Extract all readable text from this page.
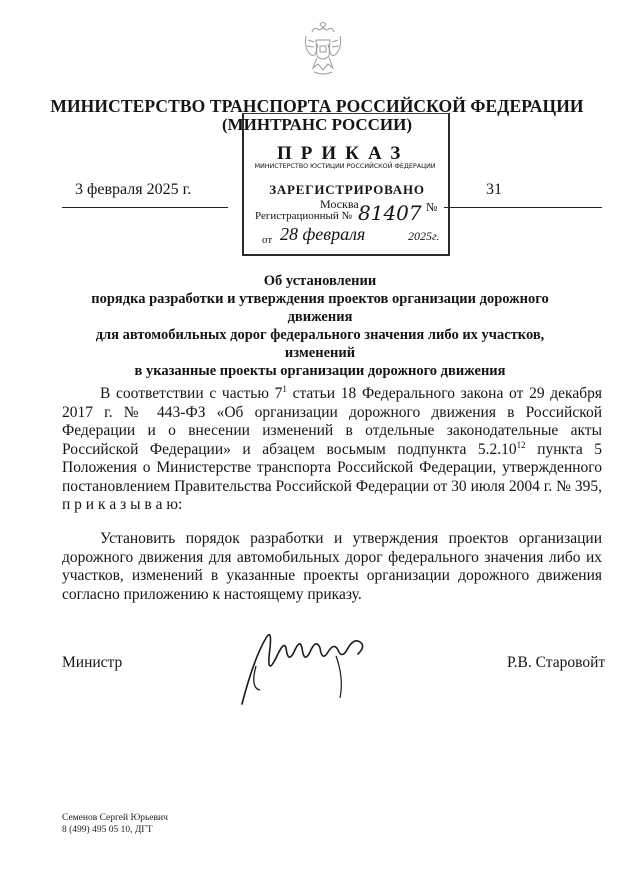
МИНИСТЕРСТВО ТРАНСПОРТА РОССИЙСКОЙ ФЕДЕРАЦИИ
(МИНТРАНС РОССИИ)
ПРИКАЗ
МИНИСТЕРСТВО ЮСТИЦИИ РОССИЙСКОЙ ФЕДЕРАЦИИ
ЗАРЕГИСТРИРОВАНО
Москва
Регистрационный № 81407 №
от 28 февраля	2025г.
3 февраля 2025 г.	31
Об установлении
порядка разработки и утверждения проектов организации дорожного движения
для автомобильных дорог федерального значения либо их участков, изменений
в указанные проекты организации дорожного движения
В соответствии с частью $7^1$ статьи 18 Федерального закона от 29 декабря 2017 г. № 443-ФЗ «Об организации дорожного движения в Российской Федерации и о внесении изменений в отдельные законодательные акты Российской Федерации» и абзацем восьмым подпункта 5.2.10$^{12}$ пункта 5 Положения о Министерстве транспорта Российской Федерации, утвержденного постановлением Правительства Российской Федерации от 30 июля 2004 г. № 395, п р и к а з ы в а ю:
Установить порядок разработки и утверждения проектов организации дорожного движения для автомобильных дорог федерального значения либо их участков, изменений в указанные проекты организации дорожного движения согласно приложению к настоящему приказу.
Министр	Р.В. Старовойт
Семенов Сергей Юрьевич
8 (499) 495 05 10, ДГТ
